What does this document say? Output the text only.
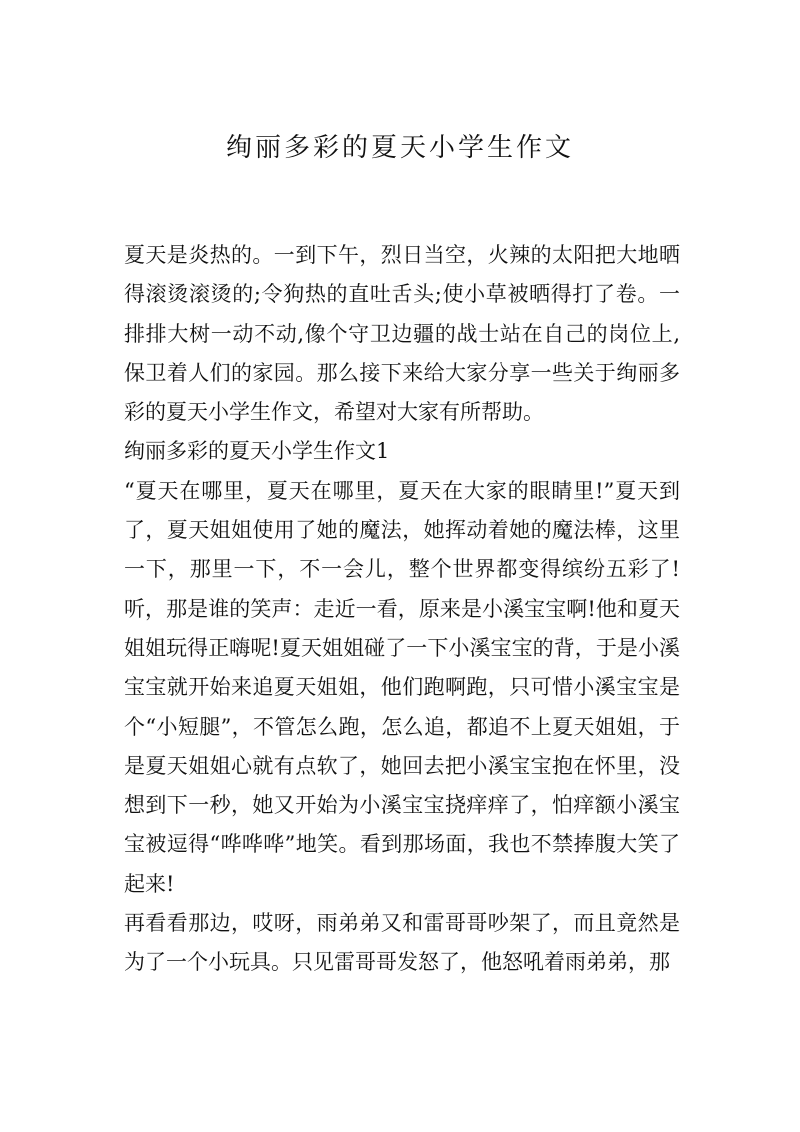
绚丽多彩的夏天小学生作文

夏天是炎热的。一到下午，烈日当空，火辣的太阳把大地晒得滚烫滚烫的;令狗热的直吐舌头;使小草被晒得打了卷。一排排大树一动不动,像个守卫边疆的战士站在自己的岗位上,保卫着人们的家园。那么接下来给大家分享一些关于绚丽多彩的夏天小学生作文，希望对大家有所帮助。

绚丽多彩的夏天小学生作文1

“夏天在哪里，夏天在哪里，夏天在大家的眼睛里!”夏天到了，夏天姐姐使用了她的魔法，她挥动着她的魔法棒，这里一下，那里一下，不一会儿，整个世界都变得缤纷五彩了!听，那是谁的笑声：走近一看，原来是小溪宝宝啊!他和夏天姐姐玩得正嗨呢!夏天姐姐碰了一下小溪宝宝的背，于是小溪宝宝就开始来追夏天姐姐，他们跑啊跑，只可惜小溪宝宝是个“小短腿”，不管怎么跑，怎么追，都追不上夏天姐姐，于是夏天姐姐心就有点软了，她回去把小溪宝宝抱在怀里，没想到下一秒，她又开始为小溪宝宝挠痒痒了，怕痒额小溪宝宝被逗得“哗哗哗”地笑。看到那场面，我也不禁捧腹大笑了起来!

再看看那边，哎呀，雨弟弟又和雷哥哥吵架了，而且竟然是为了一个小玩具。只见雷哥哥发怒了，他怒吼着雨弟弟，那
